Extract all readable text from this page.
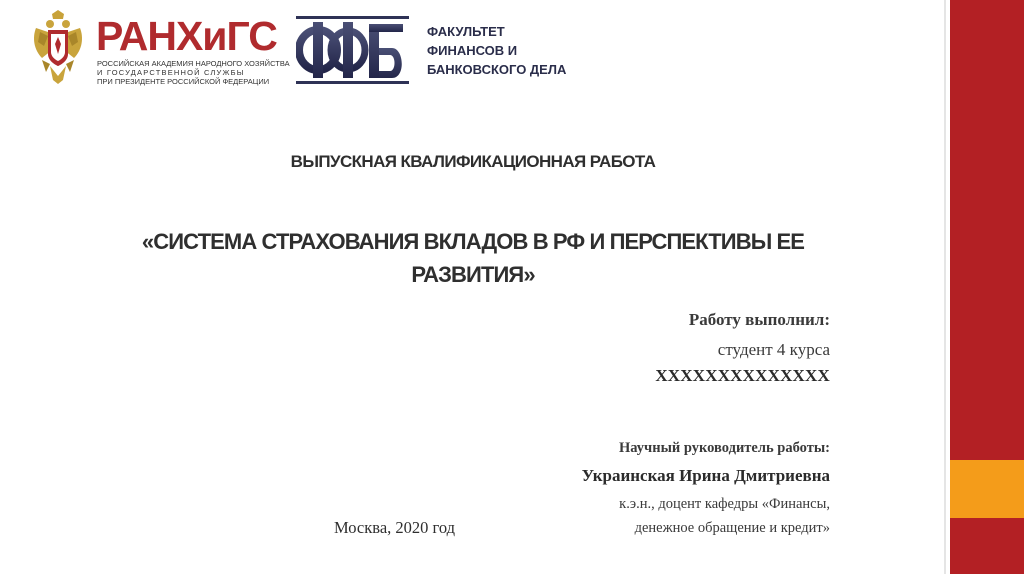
РАНХиГС
РОССИЙСКАЯ АКАДЕМИЯ НАРОДНОГО ХОЗЯЙСТВА
И ГОСУДАРСТВЕННОЙ СЛУЖБЫ
ПРИ ПРЕЗИДЕНТЕ РОССИЙСКОЙ ФЕДЕРАЦИИ
ФАКУЛЬТЕТ
ФИНАНСОВ И
БАНКОВСКОГО ДЕЛА
ВЫПУСКНАЯ КВАЛИФИКАЦИОННАЯ РАБОТА
«СИСТЕМА СТРАХОВАНИЯ ВКЛАДОВ В РФ И ПЕРСПЕКТИВЫ ЕЕ РАЗВИТИЯ»
Работу выполнил:
студент 4 курса
ХХХХХХХХХХХХХХ
Научный руководитель работы:
Украинская Ирина Дмитриевна
к.э.н., доцент кафедры «Финансы,
денежное обращение и кредит»
Москва, 2020 год
